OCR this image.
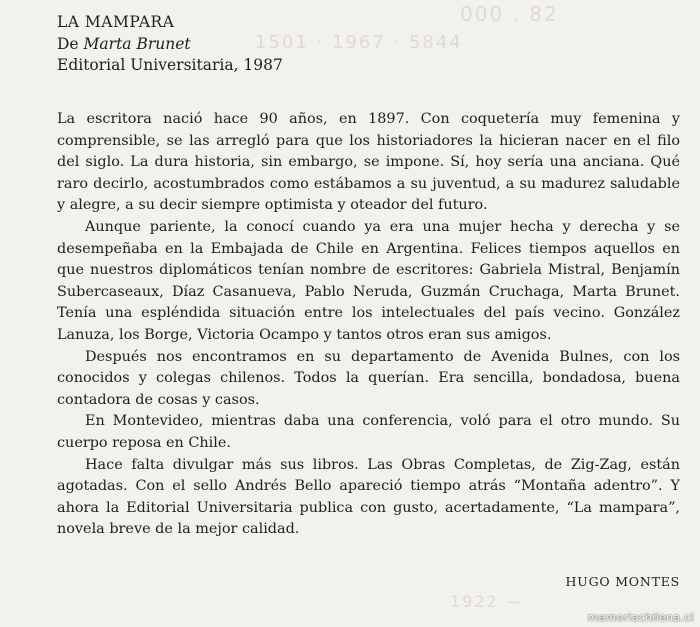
000 . 82
1501 · 1967 · 5844
1922 —
LA MAMPARA
De Marta Brunet
Editorial Universitaria, 1987

La escritora nació hace 90 años, en 1897. Con coquetería muy femenina y comprensible, se las arregló para que los historiadores la hicieran nacer en el filo del siglo. La dura historia, sin embargo, se impone. Sí, hoy sería una anciana. Qué raro decirlo, acostumbrados como estábamos a su juventud, a su madurez saludable y alegre, a su decir siempre optimista y oteador del futuro.

Aunque pariente, la conocí cuando ya era una mujer hecha y derecha y se desempeñaba en la Embajada de Chile en Argentina. Felices tiempos aquellos en que nuestros diplomáticos tenían nombre de escritores: Gabriela Mistral, Benjamín Subercaseaux, Díaz Casanueva, Pablo Neruda, Guzmán Cruchaga, Marta Brunet. Tenía una espléndida situación entre los intelectuales del país vecino. González Lanuza, los Borge, Victoria Ocampo y tantos otros eran sus amigos.

Después nos encontramos en su departamento de Avenida Bulnes, con los conocidos y colegas chilenos. Todos la querían. Era sencilla, bondadosa, buena contadora de cosas y casos.

En Montevideo, mientras daba una conferencia, voló para el otro mundo. Su cuerpo reposa en Chile.

Hace falta divulgar más sus libros. Las Obras Completas, de Zig-Zag, están agotadas. Con el sello Andrés Bello apareció tiempo atrás “Montaña adentro”. Y ahora la Editorial Universitaria publica con gusto, acertadamente, “La mampara”, novela breve de la mejor calidad.

HUGO MONTES
memoriachilena.cl
